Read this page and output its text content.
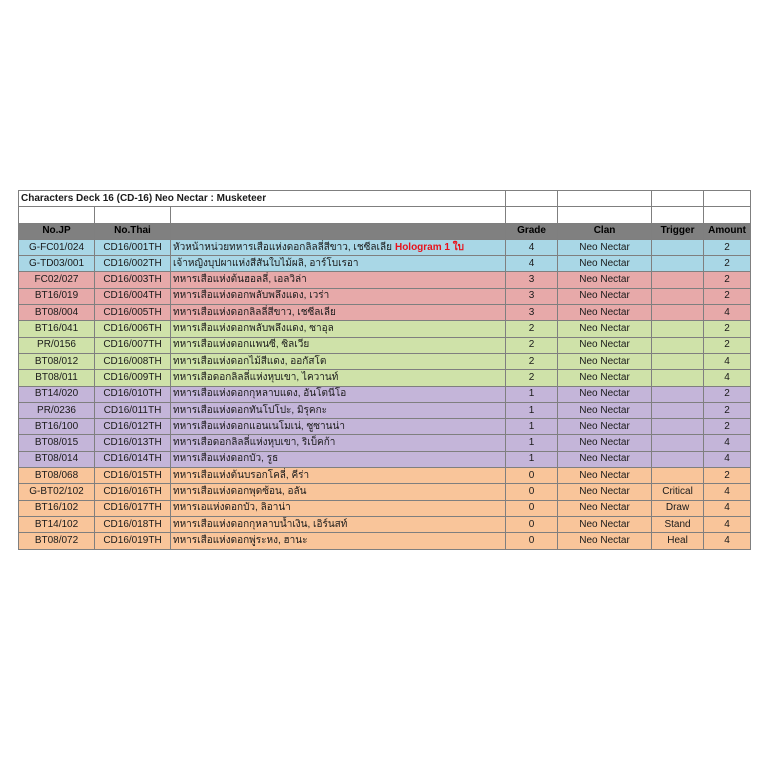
Characters Deck 16 (CD-16) Neo Nectar : Musketeer						

No.JP	No.Thai		Grade	Clan	Trigger	Amount
G-FC01/024	CD16/001TH	หัวหน้าหน่วยทหารเสือแห่งดอกลิลลี่สีขาว, เชซีลเลีย Hologram 1 ใบ	4	Neo Nectar		2
G-TD03/001	CD16/002TH	เจ้าหญิงบุปผาแห่งสีสันใบไม้ผลิ, อาร์โบเรอา	4	Neo Nectar		2
FC02/027	CD16/003TH	ทหารเสือแห่งต้นฮอลลี่, เอลวิล่า	3	Neo Nectar		2
BT16/019	CD16/004TH	ทหารเสือแห่งดอกพลับพลึงแดง, เวร่า	3	Neo Nectar		2
BT08/004	CD16/005TH	ทหารเสือแห่งดอกลิลลี่สีขาว, เชซีลเลีย	3	Neo Nectar		4
BT16/041	CD16/006TH	ทหารเสือแห่งดอกพลับพลึงแดง, ซาอุล	2	Neo Nectar		2
PR/0156	CD16/007TH	ทหารเสือแห่งดอกแพนซี่, ซิลเวีย	2	Neo Nectar		2
BT08/012	CD16/008TH	ทหารเสือแห่งดอกไม้สีแดง, ออกัสโต	2	Neo Nectar		4
BT08/011	CD16/009TH	ทหารเสือดอกลิลลี่แห่งหุบเขา, ไควานท์	2	Neo Nectar		4
BT14/020	CD16/010TH	ทหารเสือแห่งดอกกุหลาบแดง, อันโตนีโอ	1	Neo Nectar		2
PR/0236	CD16/011TH	ทหารเสือแห่งดอกทันโปโปะ, มิรุคกะ	1	Neo Nectar		2
BT16/100	CD16/012TH	ทหารเสือแห่งดอกแอนเนโมเน่, ซูซานน่า	1	Neo Nectar		2
BT08/015	CD16/013TH	ทหารเสือดอกลิลลี่แห่งหุบเขา, ริเบ็คก้า	1	Neo Nectar		4
BT08/014	CD16/014TH	ทหารเสือแห่งดอกบัว, รูธ	1	Neo Nectar		4
BT08/068	CD16/015TH	ทหารเสือแห่งต้นบรอกโคลี่, คีร่า	0	Neo Nectar		2
G-BT02/102	CD16/016TH	ทหารเสือแห่งดอกพุดซ้อน, อลัน	0	Neo Nectar	Critical	4
BT16/102	CD16/017TH	ทหารเอแห่งดอกบัว, ลิอาน่า	0	Neo Nectar	Draw	4
BT14/102	CD16/018TH	ทหารเสือแห่งดอกกุหลาบน้ำเงิน, เอิร์นสท์	0	Neo Nectar	Stand	4
BT08/072	CD16/019TH	ทหารเสือแห่งดอกพู่ระหง, ฮานะ	0	Neo Nectar	Heal	4
